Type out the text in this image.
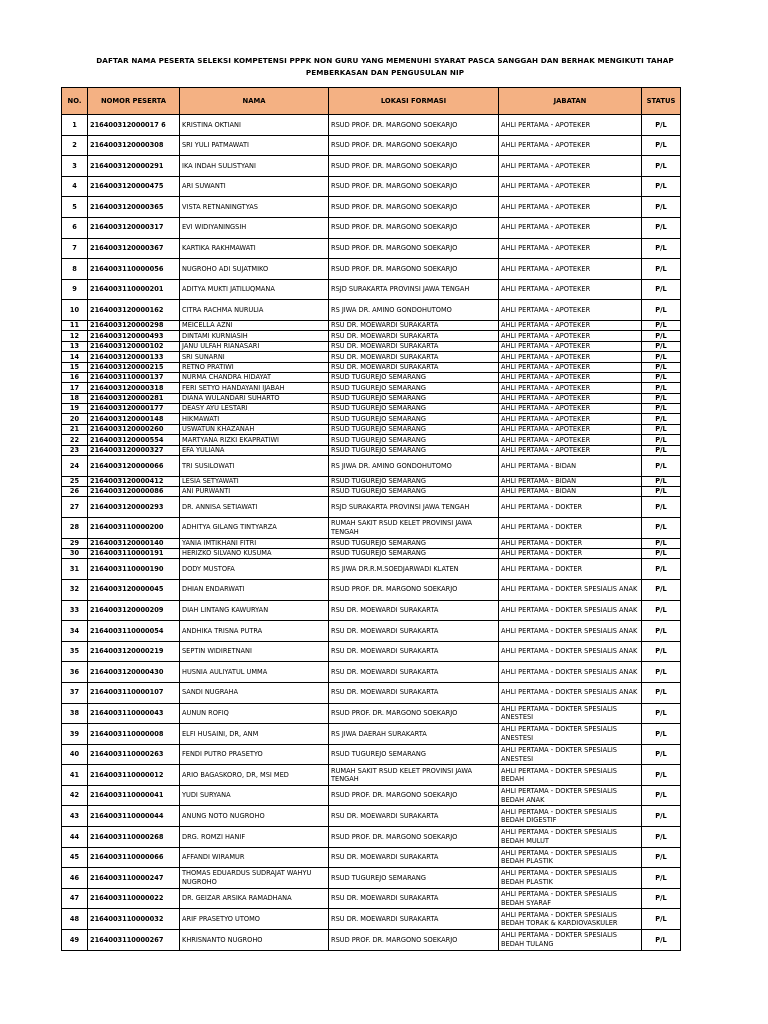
DAFTAR NAMA PESERTA SELEKSI KOMPETENSI PPPK NON GURU YANG MEMENUHI SYARAT PASCA SANGGAH DAN BERHAK MENGIKUTI TAHAP
PEMBERKASAN DAN PENGUSULAN NIP
NO.	NOMOR PESERTA	NAMA	LOKASI FORMASI	JABATAN	STATUS
1	216400312000017 6	KRISTINA OKTIANI	RSUD PROF. DR. MARGONO SOEKARJO	AHLI PERTAMA - APOTEKER	P/L
2	2164003120000308	SRI YULI PATMAWATI	RSUD PROF. DR. MARGONO SOEKARJO	AHLI PERTAMA - APOTEKER	P/L
3	2164003120000291	IKA INDAH SULISTYANI	RSUD PROF. DR. MARGONO SOEKARJO	AHLI PERTAMA - APOTEKER	P/L
4	2164003120000475	ARI SUWANTI	RSUD PROF. DR. MARGONO SOEKARJO	AHLI PERTAMA - APOTEKER	P/L
5	2164003120000365	VISTA RETNANINGTYAS	RSUD PROF. DR. MARGONO SOEKARJO	AHLI PERTAMA - APOTEKER	P/L
6	2164003120000317	EVI WIDIYANINGSIH	RSUD PROF. DR. MARGONO SOEKARJO	AHLI PERTAMA - APOTEKER	P/L
7	2164003120000367	KARTIKA RAKHMAWATI	RSUD PROF. DR. MARGONO SOEKARJO	AHLI PERTAMA - APOTEKER	P/L
8	2164003110000056	NUGROHO ADI SUJATMIKO	RSUD PROF. DR. MARGONO SOEKARJO	AHLI PERTAMA - APOTEKER	P/L
9	2164003110000201	ADITYA MUKTI JATILUQMANA	RSJD SURAKARTA PROVINSI JAWA TENGAH	AHLI PERTAMA - APOTEKER	P/L
10	2164003120000162	CITRA RACHMA NURULIA	RS JIWA DR. AMINO GONDOHUTOMO	AHLI PERTAMA - APOTEKER	P/L
11	2164003120000298	MEICELLA AZNI	RSU DR. MOEWARDI SURAKARTA	AHLI PERTAMA - APOTEKER	P/L
12	2164003120000493	DINTAMI KURNIASIH	RSU DR. MOEWARDI SURAKARTA	AHLI PERTAMA - APOTEKER	P/L
13	2164003120000102	JANU ULFAH RIANASARI	RSU DR. MOEWARDI SURAKARTA	AHLI PERTAMA - APOTEKER	P/L
14	2164003120000133	SRI SUNARNI	RSU DR. MOEWARDI SURAKARTA	AHLI PERTAMA - APOTEKER	P/L
15	2164003120000215	RETNO PRATIWI	RSU DR. MOEWARDI SURAKARTA	AHLI PERTAMA - APOTEKER	P/L
16	2164003110000137	NURMA CHANDRA HIDAYAT	RSUD TUGUREJO SEMARANG	AHLI PERTAMA - APOTEKER	P/L
17	2164003120000318	FERI SETYO HANDAYANI IJABAH	RSUD TUGUREJO SEMARANG	AHLI PERTAMA - APOTEKER	P/L
18	2164003120000281	DIANA WULANDARI SUHARTO	RSUD TUGUREJO SEMARANG	AHLI PERTAMA - APOTEKER	P/L
19	2164003120000177	DEASY AYU LESTARI	RSUD TUGUREJO SEMARANG	AHLI PERTAMA - APOTEKER	P/L
20	2164003120000148	HIKMAWATI	RSUD TUGUREJO SEMARANG	AHLI PERTAMA - APOTEKER	P/L
21	2164003120000260	USWATUN KHAZANAH	RSUD TUGUREJO SEMARANG	AHLI PERTAMA - APOTEKER	P/L
22	2164003120000554	MARTYANA RIZKI EKAPRATIWI	RSUD TUGUREJO SEMARANG	AHLI PERTAMA - APOTEKER	P/L
23	2164003120000327	EFA YULIANA	RSUD TUGUREJO SEMARANG	AHLI PERTAMA - APOTEKER	P/L
24	2164003120000066	TRI SUSILOWATI	RS JIWA DR. AMINO GONDOHUTOMO	AHLI PERTAMA - BIDAN	P/L
25	2164003120000412	LESIA SETYAWATI	RSUD TUGUREJO SEMARANG	AHLI PERTAMA - BIDAN	P/L
26	2164003120000086	ANI PURWANTI	RSUD TUGUREJO SEMARANG	AHLI PERTAMA - BIDAN	P/L
27	2164003120000293	DR. ANNISA SETIAWATI	RSJD SURAKARTA PROVINSI JAWA TENGAH	AHLI PERTAMA - DOKTER	P/L
28	2164003110000200	ADHITYA GILANG TINTYARZA	RUMAH SAKIT RSUD KELET PROVINSI JAWA TENGAH	AHLI PERTAMA - DOKTER	P/L
29	2164003120000140	YANIA IMTIKHANI FITRI	RSUD TUGUREJO SEMARANG	AHLI PERTAMA - DOKTER	P/L
30	2164003110000191	HERIZKO SILVANO KUSUMA	RSUD TUGUREJO SEMARANG	AHLI PERTAMA - DOKTER	P/L
31	2164003110000190	DODY MUSTOFA	RS JIWA DR.R.M.SOEDJARWADI KLATEN	AHLI PERTAMA - DOKTER	P/L
32	2164003120000045	DHIAN ENDARWATI	RSUD PROF. DR. MARGONO SOEKARJO	AHLI PERTAMA - DOKTER SPESIALIS ANAK	P/L
33	2164003120000209	DIAH LINTANG KAWURYAN	RSU DR. MOEWARDI SURAKARTA	AHLI PERTAMA - DOKTER SPESIALIS ANAK	P/L
34	2164003110000054	ANDHIKA TRISNA PUTRA	RSU DR. MOEWARDI SURAKARTA	AHLI PERTAMA - DOKTER SPESIALIS ANAK	P/L
35	2164003120000219	SEPTIN WIDIRETNANI	RSU DR. MOEWARDI SURAKARTA	AHLI PERTAMA - DOKTER SPESIALIS ANAK	P/L
36	2164003120000430	HUSNIA AULIYATUL UMMA	RSU DR. MOEWARDI SURAKARTA	AHLI PERTAMA - DOKTER SPESIALIS ANAK	P/L
37	2164003110000107	SANDI NUGRAHA	RSU DR. MOEWARDI SURAKARTA	AHLI PERTAMA - DOKTER SPESIALIS ANAK	P/L
38	2164003110000043	AUNUN ROFIQ	RSUD PROF. DR. MARGONO SOEKARJO	AHLI PERTAMA - DOKTER SPESIALIS ANESTESI	P/L
39	2164003110000008	ELFI HUSAINI, DR, ANM	RS JIWA DAERAH SURAKARTA	AHLI PERTAMA - DOKTER SPESIALIS ANESTESI	P/L
40	2164003110000263	FENDI PUTRO PRASETYO	RSUD TUGUREJO SEMARANG	AHLI PERTAMA - DOKTER SPESIALIS ANESTESI	P/L
41	2164003110000012	ARIO BAGASKORO, DR, MSI MED	RUMAH SAKIT RSUD KELET PROVINSI JAWA TENGAH	AHLI PERTAMA - DOKTER SPESIALIS BEDAH	P/L
42	2164003110000041	YUDI SURYANA	RSUD PROF. DR. MARGONO SOEKARJO	AHLI PERTAMA - DOKTER SPESIALIS BEDAH ANAK	P/L
43	2164003110000044	ANUNG NOTO NUGROHO	RSU DR. MOEWARDI SURAKARTA	AHLI PERTAMA - DOKTER SPESIALIS BEDAH DIGESTIF	P/L
44	2164003110000268	DRG. ROMZI HANIF	RSUD PROF. DR. MARGONO SOEKARJO	AHLI PERTAMA - DOKTER SPESIALIS BEDAH MULUT	P/L
45	2164003110000066	AFFANDI WIRAMUR	RSU DR. MOEWARDI SURAKARTA	AHLI PERTAMA - DOKTER SPESIALIS BEDAH PLASTIK	P/L
46	2164003110000247	THOMAS EDUARDUS SUDRAJAT WAHYU NUGROHO	RSUD TUGUREJO SEMARANG	AHLI PERTAMA - DOKTER SPESIALIS BEDAH PLASTIK	P/L
47	2164003110000022	DR. GEIZAR ARSIKA RAMADHANA	RSU DR. MOEWARDI SURAKARTA	AHLI PERTAMA - DOKTER SPESIALIS BEDAH SYARAF	P/L
48	2164003110000032	ARIF PRASETYO UTOMO	RSU DR. MOEWARDI SURAKARTA	AHLI PERTAMA - DOKTER SPESIALIS BEDAH TORAK & KARDIOVASKULER	P/L
49	2164003110000267	KHRISNANTO NUGROHO	RSUD PROF. DR. MARGONO SOEKARJO	AHLI PERTAMA - DOKTER SPESIALIS BEDAH TULANG	P/L
